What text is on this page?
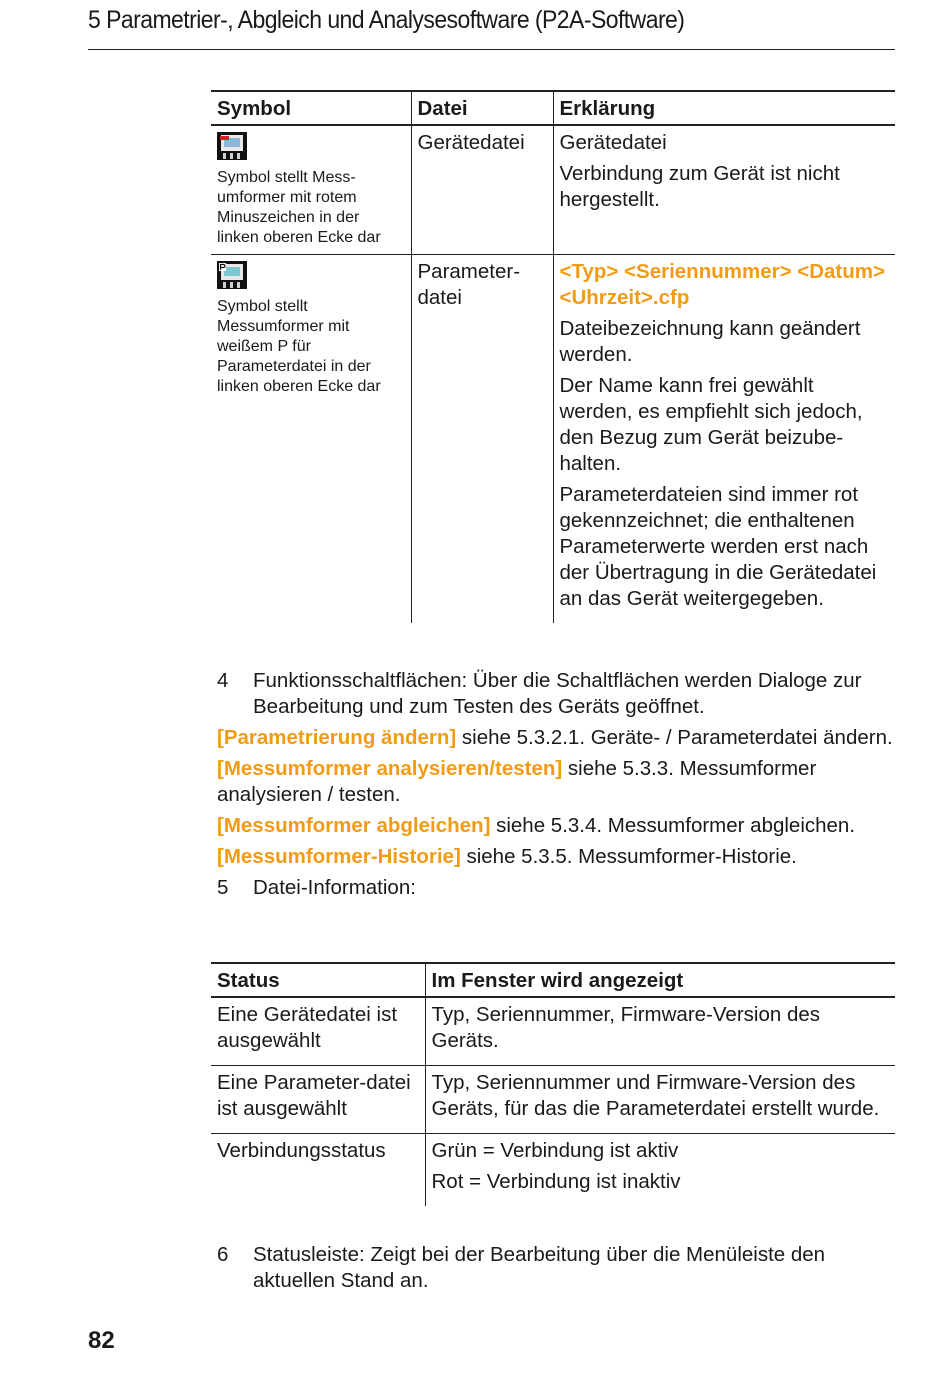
5 Parametrier-, Abgleich und Analysesoftware (P2A-Software)
Symbol	Datei	Erklärung

Symbol stellt Mess-umformer mit rotem Minuszeichen in der linken oberen Ecke dar	Gerätedatei	Gerätedatei

Verbindung zum Gerät ist nicht hergestellt.

Symbol stellt Messumformer mit weißem P für Parameterdatei in der linken oberen Ecke dar	Parameter-datei	<Typ> <Seriennummer> <Datum> <Uhrzeit>.cfp

Dateibezeichnung kann geändert werden.

Der Name kann frei gewählt werden, es empfiehlt sich jedoch, den Bezug zum Gerät beizube-halten.

Parameterdateien sind immer rot gekennzeichnet; die enthaltenen Parameterwerte werden erst nach der Übertragung in die Gerätedatei an das Gerät weitergegeben.

4	Funktionsschaltflächen: Über die Schaltflächen werden Dialoge zur Bearbeitung und zum Testen des Geräts geöffnet.

[Parametrierung ändern] siehe 5.3.2.1. Geräte- / Parameterdatei ändern.

[Messumformer analysieren/testen] siehe 5.3.3. Messumformer analysieren / testen.

[Messumformer abgleichen] siehe 5.3.4. Messumformer abgleichen.

[Messumformer-Historie] siehe 5.3.5. Messumformer-Historie.

5	Datei-Information:
Status	Im Fenster wird angezeigt
Eine Gerätedatei ist ausgewählt	Typ, Seriennummer, Firmware-Version des Geräts.

Eine Parameter-datei ist ausgewählt	Typ, Seriennummer und Firmware-Version des Geräts, für das die Parameterdatei erstellt wurde.

Verbindungsstatus	Grün = Verbindung ist aktiv

Rot = Verbindung ist inaktiv

6	Statusleiste: Zeigt bei der Bearbeitung über die Menüleiste den aktuellen Stand an.
82
